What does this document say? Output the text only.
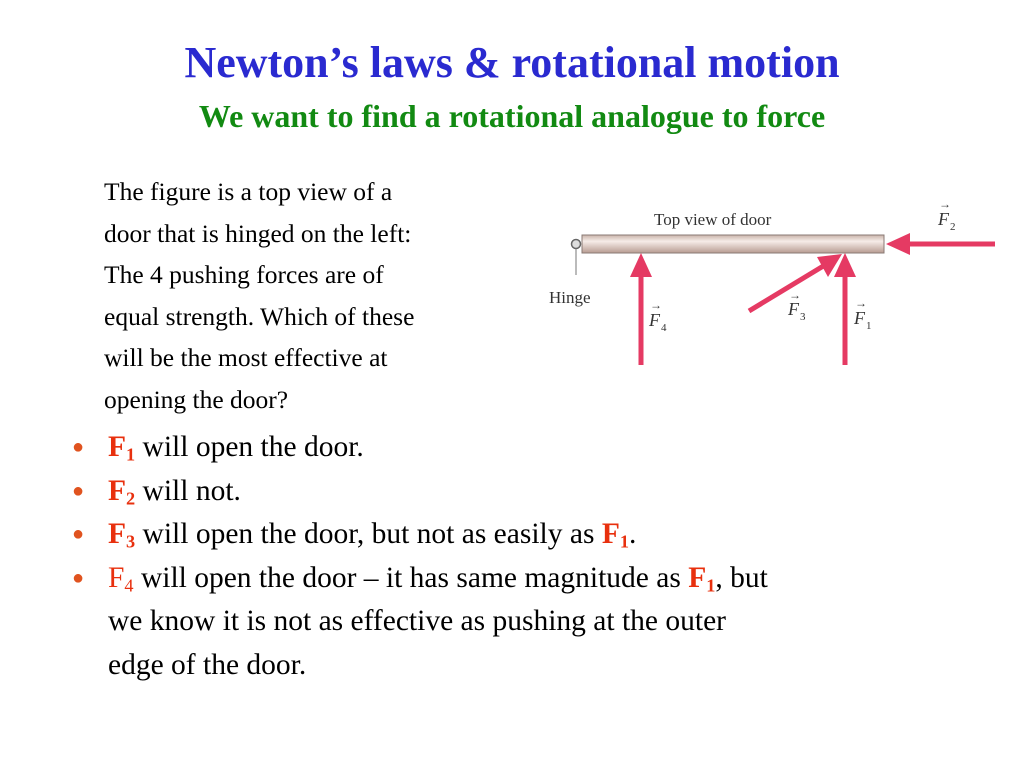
Newton’s laws & rotational motion
We want to find a rotational analogue to force
The figure is a top view of a
door that is hinged on the left:
The 4 pushing forces are of
equal strength. Which of these
will be the most effective at
opening the door?
Hinge
Top view of door
F 4
→	F 3
→
F 1
→
F 2
→
● $F_1$ will open the door.
● $F_2$ will not.
● $F_3$ will open the door, but not as easily as $F_1$.
● $F_4$ will open the door – it has same magnitude as $F_1$, but
we know it is not as effective as pushing at the outer
edge of the door.
